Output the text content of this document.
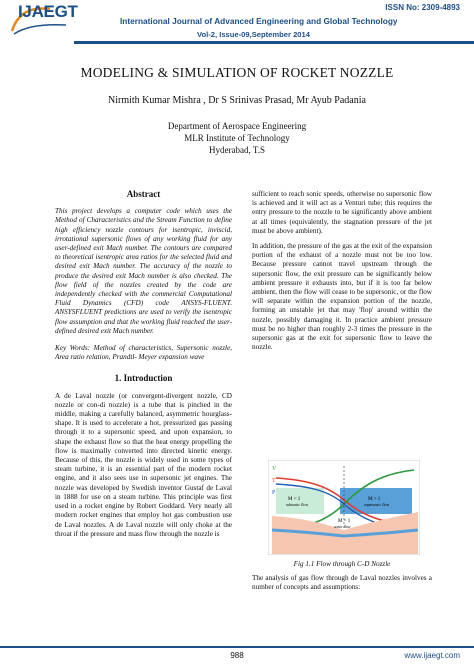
IJAEGT	ISSN No: 2309-4893
International Journal of Advanced Engineering and Global Technology
Vol-2, Issue-09,September 2014
MODELING & SIMULATION OF ROCKET NOZZLE
Nirmith Kumar Mishra , Dr S Srinivas Prasad, Mr Ayub Padania
Department of Aerospace Engineering
MLR Institute of Technology
Hyderabad, T.S
Abstract
This project develops a computer code which uses the Method of Characteristics and the Stream Function to define high efficiency nozzle contours for isentropic, inviscid, irrotational supersonic flows of any working fluid for any user-defined exit Mach number. The contours are compared to theoretical isentropic area ratios for the selected fluid and desired exit Mach number. The accuracy of the nozzle to produce the desired exit Mach number is also checked. The flow field of the nozzles created by the code are independently checked with the commercial Computational Fluid Dynamics (CFD) code ANSYS-FLUENT. ANSYSFLUENT predictions are used to verify the isentropic flow assumption and that the working fluid reached the user-defined desired exit Mach number.
Key Words: Method of characteristics, Supersonic nozzle, Area ratio relation, Prandtl- Meyer expansion wave
1. Introduction
A de Laval nozzle (or convergent-divergent nozzle, CD nozzle or con-di nozzle) is a tube that is pinched in the middle, making a carefully balanced, asymmetric hourglass-shape. It is used to accelerate a hot, pressurized gas passing through it to a supersonic speed, and upon expansion, to shape the exhaust flow so that the heat energy propelling the flow is maximally converted into directed kinetic energy. Because of this, the nozzle is widely used in some types of steam turbine, it is an essential part of the modern rocket engine, and it also sees use in supersonic jet engines. The nozzle was developed by Swedish inventor Gustaf de Laval in 1888 for use on a steam turbine. This principle was first used in a rocket engine by Robert Goddard. Very nearly all modern rocket engines that employ hot gas combustion use de Laval nozzles. A de Laval nozzle will only choke at the throat if the pressure and mass flow through the nozzle is

sufficient to reach sonic speeds, otherwise no supersonic flow is achieved and it will act as a Venturi tube; this requires the entry pressure to the nozzle to be significantly above ambient at all times (equivalently, the stagnation pressure of the jet must be above ambient).

In addition, the pressure of the gas at the exit of the expansion portion of the exhaust of a nozzle must not be too low. Because pressure cannot travel upstream through the supersonic flow, the exit pressure can be significantly below ambient pressure it exhausts into, but if it is too far below ambient, then the flow will cease to be supersonic, or the flow will separate within the expansion portion of the nozzle, forming an unstable jet that may 'flop' around within the nozzle, possibly damaging it. In practice ambient pressure must be no higher than roughly 2-3 times the pressure in the supersonic gas at the exit for supersonic flow to leave the nozzle.

V
T
P
M < 1
subsonic flow
M > 1
supersonic flow
M = 1
sonic flow
Fig 1.1 Flow through C-D Nozzle
The analysis of gas flow through de Laval nozzles involves a number of concepts and assumptions:
988	www.ijaegt.com
